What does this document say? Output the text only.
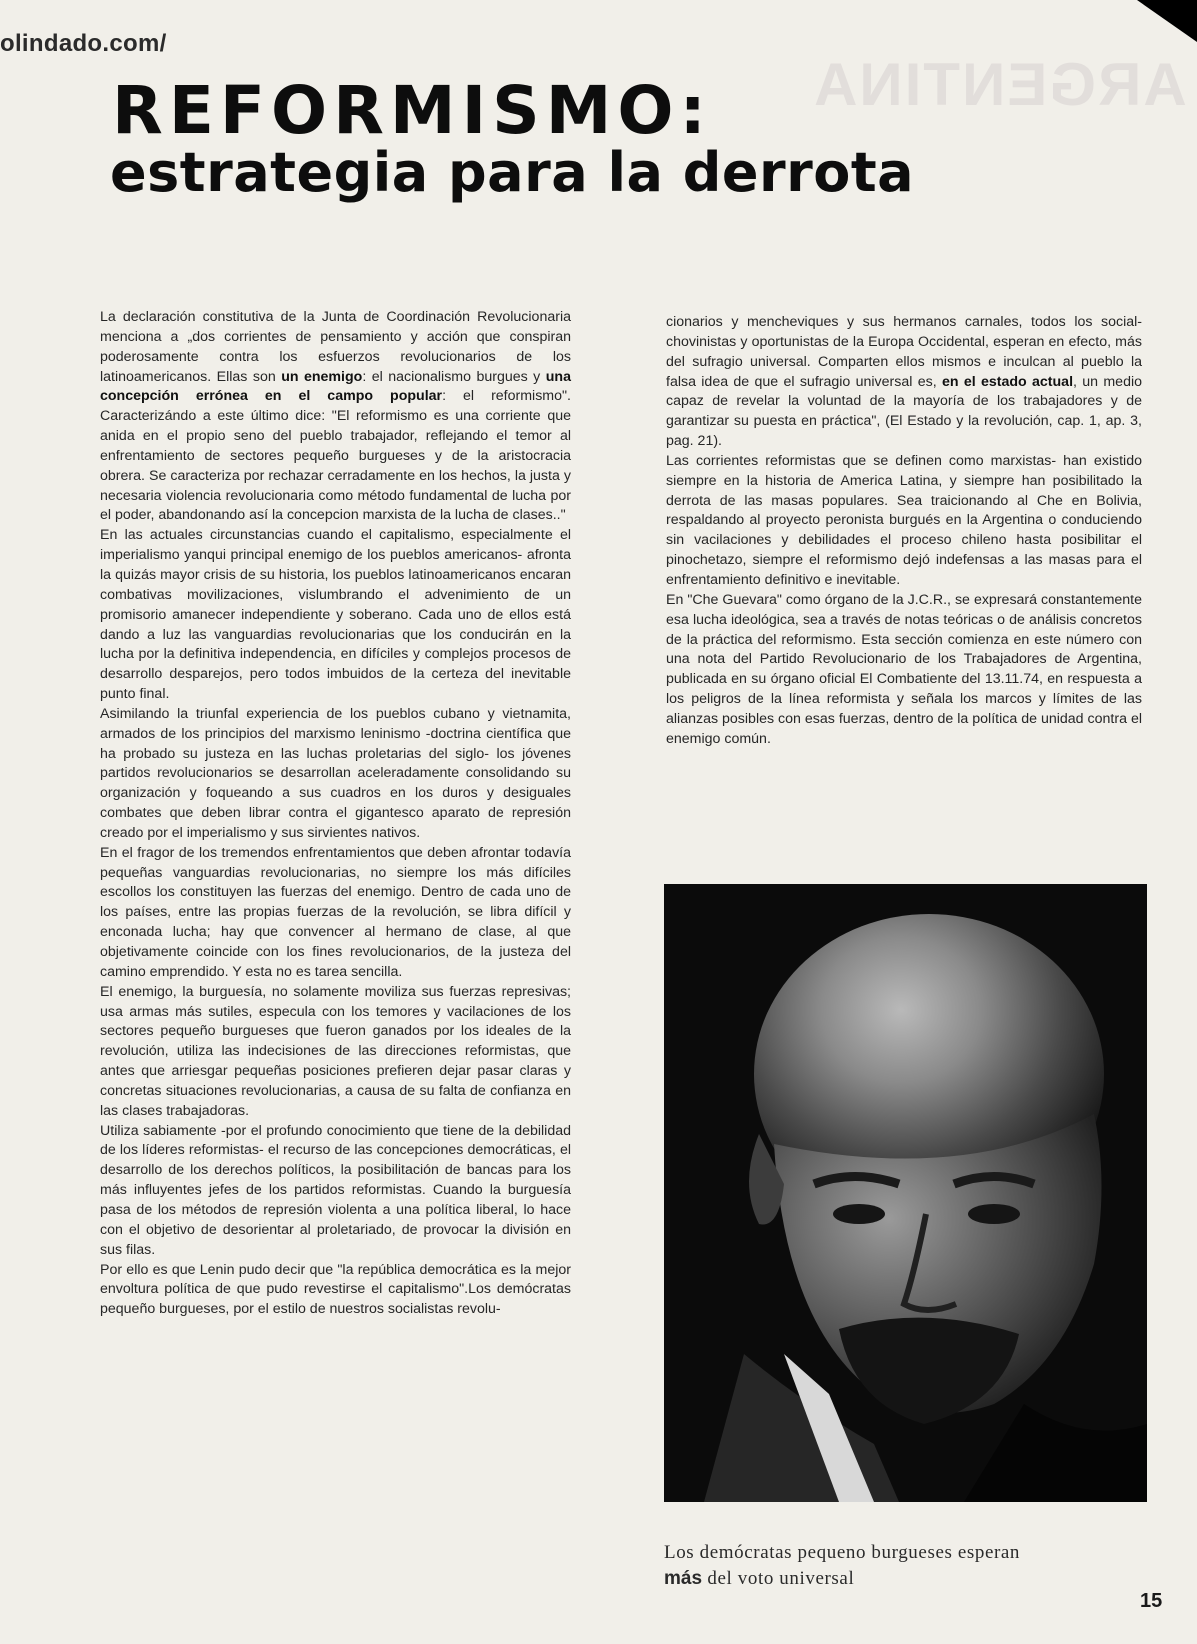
olindado.com/
ARGENTINA
REFORMISMO:
estrategia para la derrota

La declaración constitutiva de la Junta de Coordinación Revolucionaria menciona a „dos corrientes de pensamiento y acción que conspiran poderosamente contra los esfuerzos revolucionarios de los latinoamericanos. Ellas son un enemigo: el nacionalismo burgues y una concepción errónea en el campo popular: el reformismo". Caracterizándo a este último dice: "El reformismo es una corriente que anida en el propio seno del pueblo trabajador, reflejando el temor al enfrentamiento de sectores pequeño burgueses y de la aristocracia obrera. Se caracteriza por rechazar cerradamente en los hechos, la justa y necesaria violencia revolucionaria como método fundamental de lucha por el poder, abandonando así la concepcion marxista de la lucha de clases.."

En las actuales circunstancias cuando el capitalismo, especialmente el imperialismo yanqui principal enemigo de los pueblos americanos- afronta la quizás mayor crisis de su historia, los pueblos latinoamericanos encaran combativas movilizaciones, vislumbrando el advenimiento de un promisorio amanecer independiente y soberano. Cada uno de ellos está dando a luz las vanguardias revolucionarias que los conducirán en la lucha por la definitiva independencia, en difíciles y complejos procesos de desarrollo desparejos, pero todos imbuidos de la certeza del inevitable punto final.

Asimilando la triunfal experiencia de los pueblos cubano y vietnamita, armados de los principios del marxismo leninismo -doctrina científica que ha probado su justeza en las luchas proletarias del siglo- los jóvenes partidos revolucionarios se desarrollan aceleradamente consolidando su organización y foqueando a sus cuadros en los duros y desiguales combates que deben librar contra el gigantesco aparato de represión creado por el imperialismo y sus sirvientes nativos.

En el fragor de los tremendos enfrentamientos que deben afrontar todavía pequeñas vanguardias revolucionarias, no siempre los más difíciles escollos los constituyen las fuerzas del enemigo. Dentro de cada uno de los países, entre las propias fuerzas de la revolución, se libra difícil y enconada lucha; hay que convencer al hermano de clase, al que objetivamente coincide con los fines revolucionarios, de la justeza del camino emprendido. Y esta no es tarea sencilla.

El enemigo, la burguesía, no solamente moviliza sus fuerzas represivas; usa armas más sutiles, especula con los temores y vacilaciones de los sectores pequeño burgueses que fueron ganados por los ideales de la revolución, utiliza las indecisiones de las direcciones reformistas, que antes que arriesgar pequeñas posiciones prefieren dejar pasar claras y concretas situaciones revolucionarias, a causa de su falta de confianza en las clases trabajadoras.

Utiliza sabiamente -por el profundo conocimiento que tiene de la debilidad de los líderes reformistas- el recurso de las concepciones democráticas, el desarrollo de los derechos políticos, la posibilitación de bancas para los más influyentes jefes de los partidos reformistas. Cuando la burguesía pasa de los métodos de represión violenta a una política liberal, lo hace con el objetivo de desorientar al proletariado, de provocar la división en sus filas.

Por ello es que Lenin pudo decir que "la república democrática es la mejor envoltura política de que pudo revestirse el capitalismo".Los demócratas pequeño burgueses, por el estilo de nuestros socialistas revolu-

cionarios y mencheviques y sus hermanos carnales, todos los social-chovinistas y oportunistas de la Europa Occidental, esperan en efecto, más del sufragio universal. Comparten ellos mismos e inculcan al pueblo la falsa idea de que el sufragio universal es, en el estado actual, un medio capaz de revelar la voluntad de la mayoría de los trabajadores y de garantizar su puesta en práctica", (El Estado y la revolución, cap. 1, ap. 3, pag. 21).

Las corrientes reformistas que se definen como marxistas- han existido siempre en la historia de America Latina, y siempre han posibilitado la derrota de las masas populares. Sea traicionando al Che en Bolivia, respaldando al proyecto peronista burgués en la Argentina o conduciendo sin vacilaciones y debilidades el proceso chileno hasta posibilitar el pinochetazo, siempre el reformismo dejó indefensas a las masas para el enfrentamiento definitivo e inevitable.

En "Che Guevara" como órgano de la J.C.R., se expresará constantemente esa lucha ideológica, sea a través de notas teóricas o de análisis concretos de la práctica del reformismo. Esta sección comienza en este número con una nota del Partido Revolucionario de los Trabajadores de Argentina, publicada en su órgano oficial El Combatiente del 13.11.74, en respuesta a los peligros de la línea reformista y señala los marcos y límites de las alianzas posibles con esas fuerzas, dentro de la política de unidad contra el enemigo común.

Los demócratas pequeno burgueses esperan
más del voto universal

15
